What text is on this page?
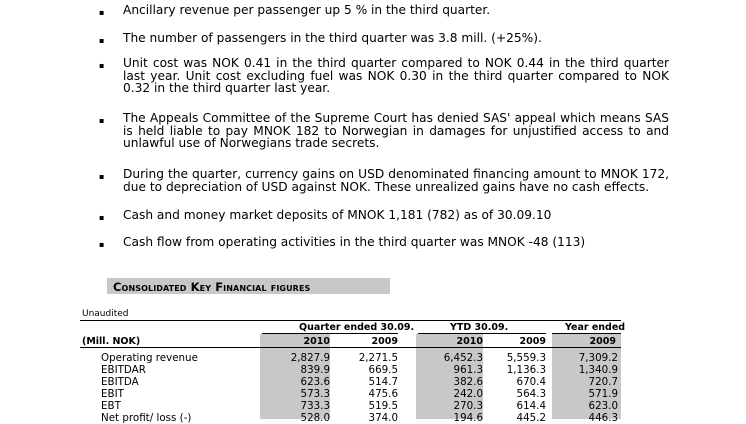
▪ Ancillary revenue per passenger up 5 % in the third quarter.
▪ The number of passengers in the third quarter was 3.8 mill. (+25%).
▪ Unit cost was NOK 0.41 in the third quarter compared to NOK 0.44 in the third quarter last year. Unit cost excluding fuel was NOK 0.30 in the third quarter compared to NOK 0.32 in the third quarter last year.
▪ The Appeals Committee of the Supreme Court has denied SAS' appeal which means SAS is held liable to pay MNOK 182 to Norwegian in damages for unjustified access to and unlawful use of Norwegians trade secrets.
▪ During the quarter, currency gains on USD denominated financing amount to MNOK 172, due to depreciation of USD against NOK. These unrealized gains have no cash effects.
▪ Cash and money market deposits of MNOK 1,181 (782) as of 30.09.10
▪ Cash flow from operating activities in the third quarter was MNOK -48 (113)
Consolidated Key Financial figures
Unaudited
Quarter ended 30.09.	YTD 30.09.	Year ended
(Mill. NOK)	2010	2009	2010	2009	2009
Operating revenue	2,827.9	2,271.5	6,452.3	5,559.3	7,309.2
EBITDAR	839.9	669.5	961.3	1,136.3	1,340.9
EBITDA	623.6	514.7	382.6	670.4	720.7
EBIT	573.3	475.6	242.0	564.3	571.9
EBT	733.3	519.5	270.3	614.4	623.0
Net profit/ loss (-)	528.0	374.0	194.6	445.2	446.3
